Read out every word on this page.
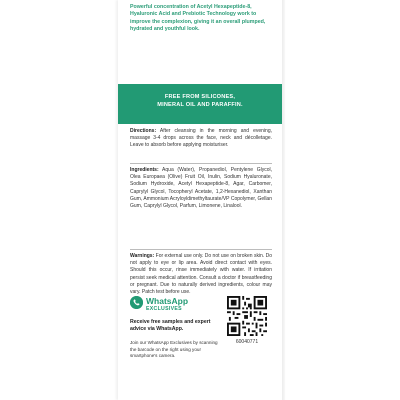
Powerful concentration of Acetyl Hexapeptide-8, Hyaluronic Acid and Prebiotic Technology work to improve the complexion, giving it an overall plumped, hydrated and youthful look.

FREE FROM SILICONES,
MINERAL OIL AND PARAFFIN.

Directions: After cleansing in the morning and evening, massage 3-4 drops across the face, neck and décolletage. Leave to absorb before applying moisturiser.
Ingredients: Aqua (Water), Propanediol, Pentylene Glycol, Olea Europaea (Olive) Fruit Oil, Inulin, Sodium Hyaluronate, Sodium Hydroxide, Acetyl Hexapeptide-8, Agar, Carbomer, Caprylyl Glycol, Tocopheryl Acetate, 1,2-Hexanediol, Xanthan Gum, Ammonium Acryloyldimethyltaurate/VP Copolymer, Gellan Gum, Caprylyl Glycol, Parfum, Limonene, Linalool.
Warnings: For external use only. Do not use on broken skin. Do not apply to eye or lip area. Avoid direct contact with eyes. Should this occur, rinse immediately with water. If irritation persist seek medical attention. Consult a doctor if breastfeeding or pregnant. Due to naturally derived ingredients, colour may vary. Patch test before use.
WhatsApp
EXCLUSIVES
Receive free samples and expert advice via WhatsApp.
Join our WhatsApp Exclusives by scanning the barcode on the right using your smartphone's camera.
60040771
